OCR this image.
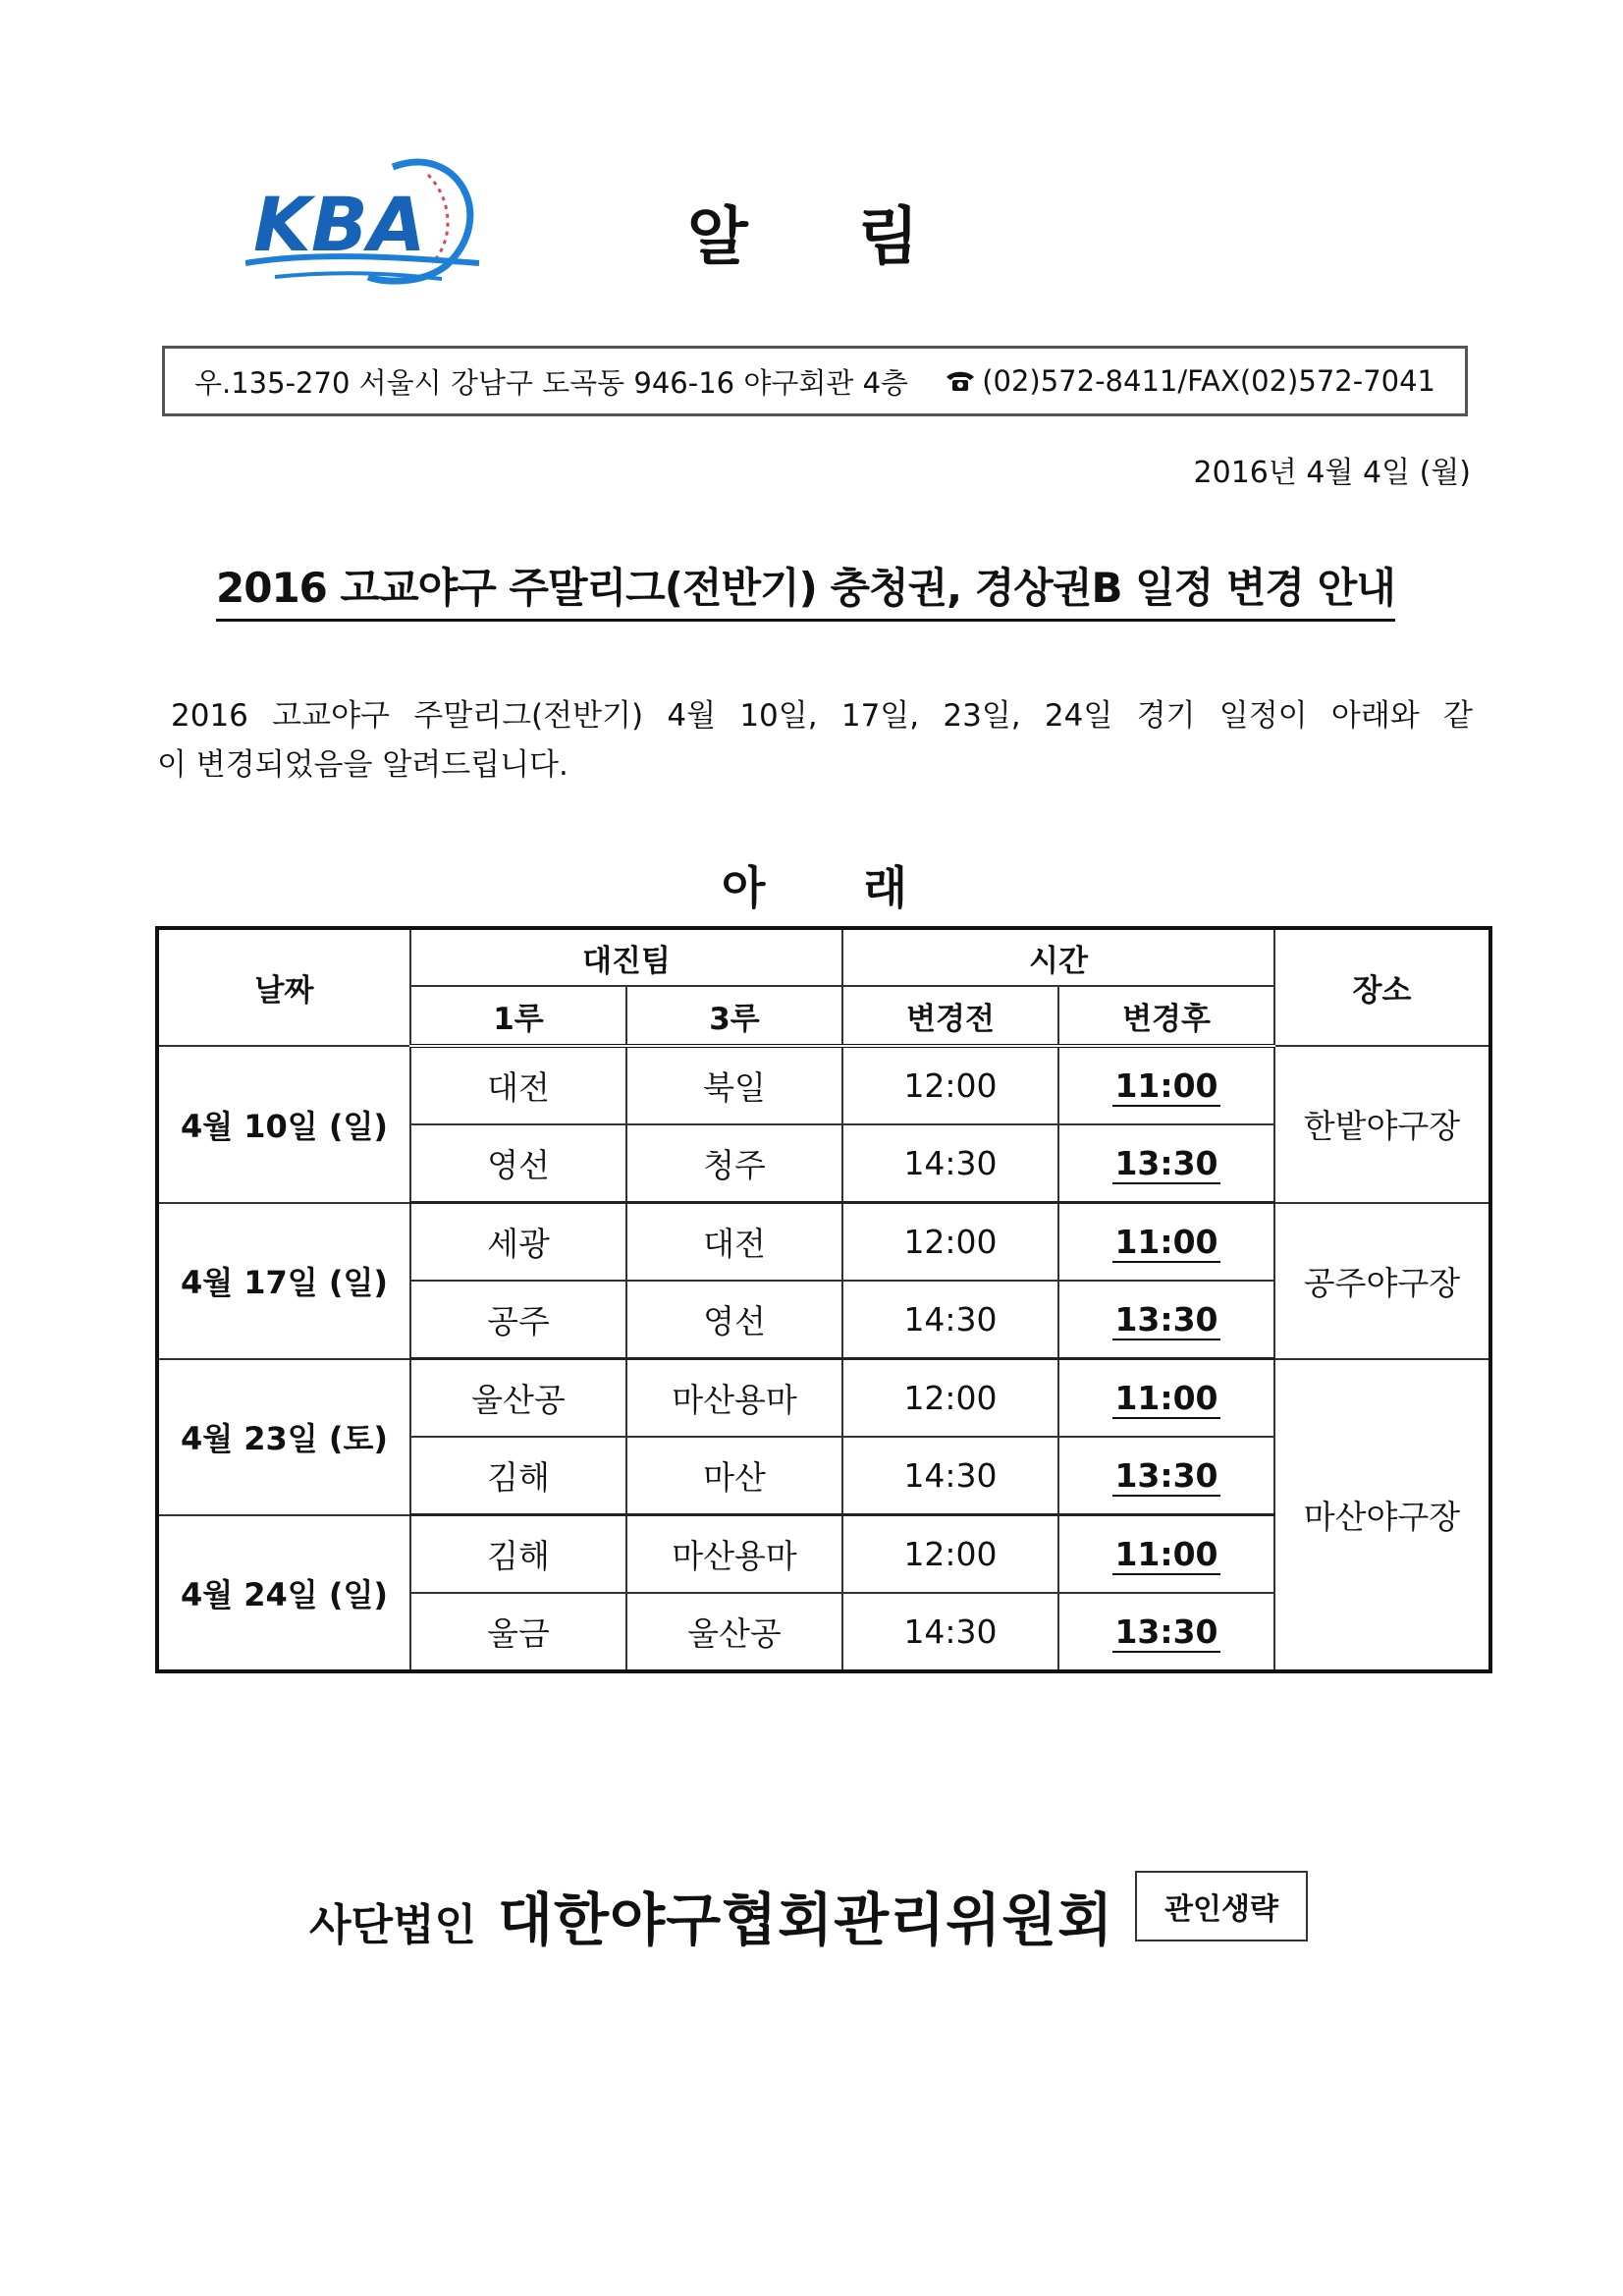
KBA	알 림
우.135-270 서울시 강남구 도곡동 946-16 야구회관 4층	(02)572-8411/FAX(02)572-7041
2016년 4월 4일 (월)
2016 고교야구 주말리그(전반기) 충청권, 경상권B 일정 변경 안내
2016 고교야구 주말리그(전반기) 4월 10일, 17일, 23일, 24일 경기 일정이 아래와 같
이 변경되었음을 알려드립니다.
아 래
날짜	대진팀		시간		장소
	1루	3루	변경전	변경후	
4월 10일 (일)	대전	북일	12:00	11:00	한밭야구장
	영선	청주	14:30	13:30	
4월 17일 (일)	세광	대전	12:00	11:00	공주야구장
	공주	영선	14:30	13:30	
4월 23일 (토)	울산공	마산용마	12:00	11:00	마산야구장
	김해	마산	14:30	13:30	
4월 24일 (일)	김해	마산용마	12:00	11:00	
	울금	울산공	14:30	13:30	
사단법인 대한야구협회관리위원회	관인생략
